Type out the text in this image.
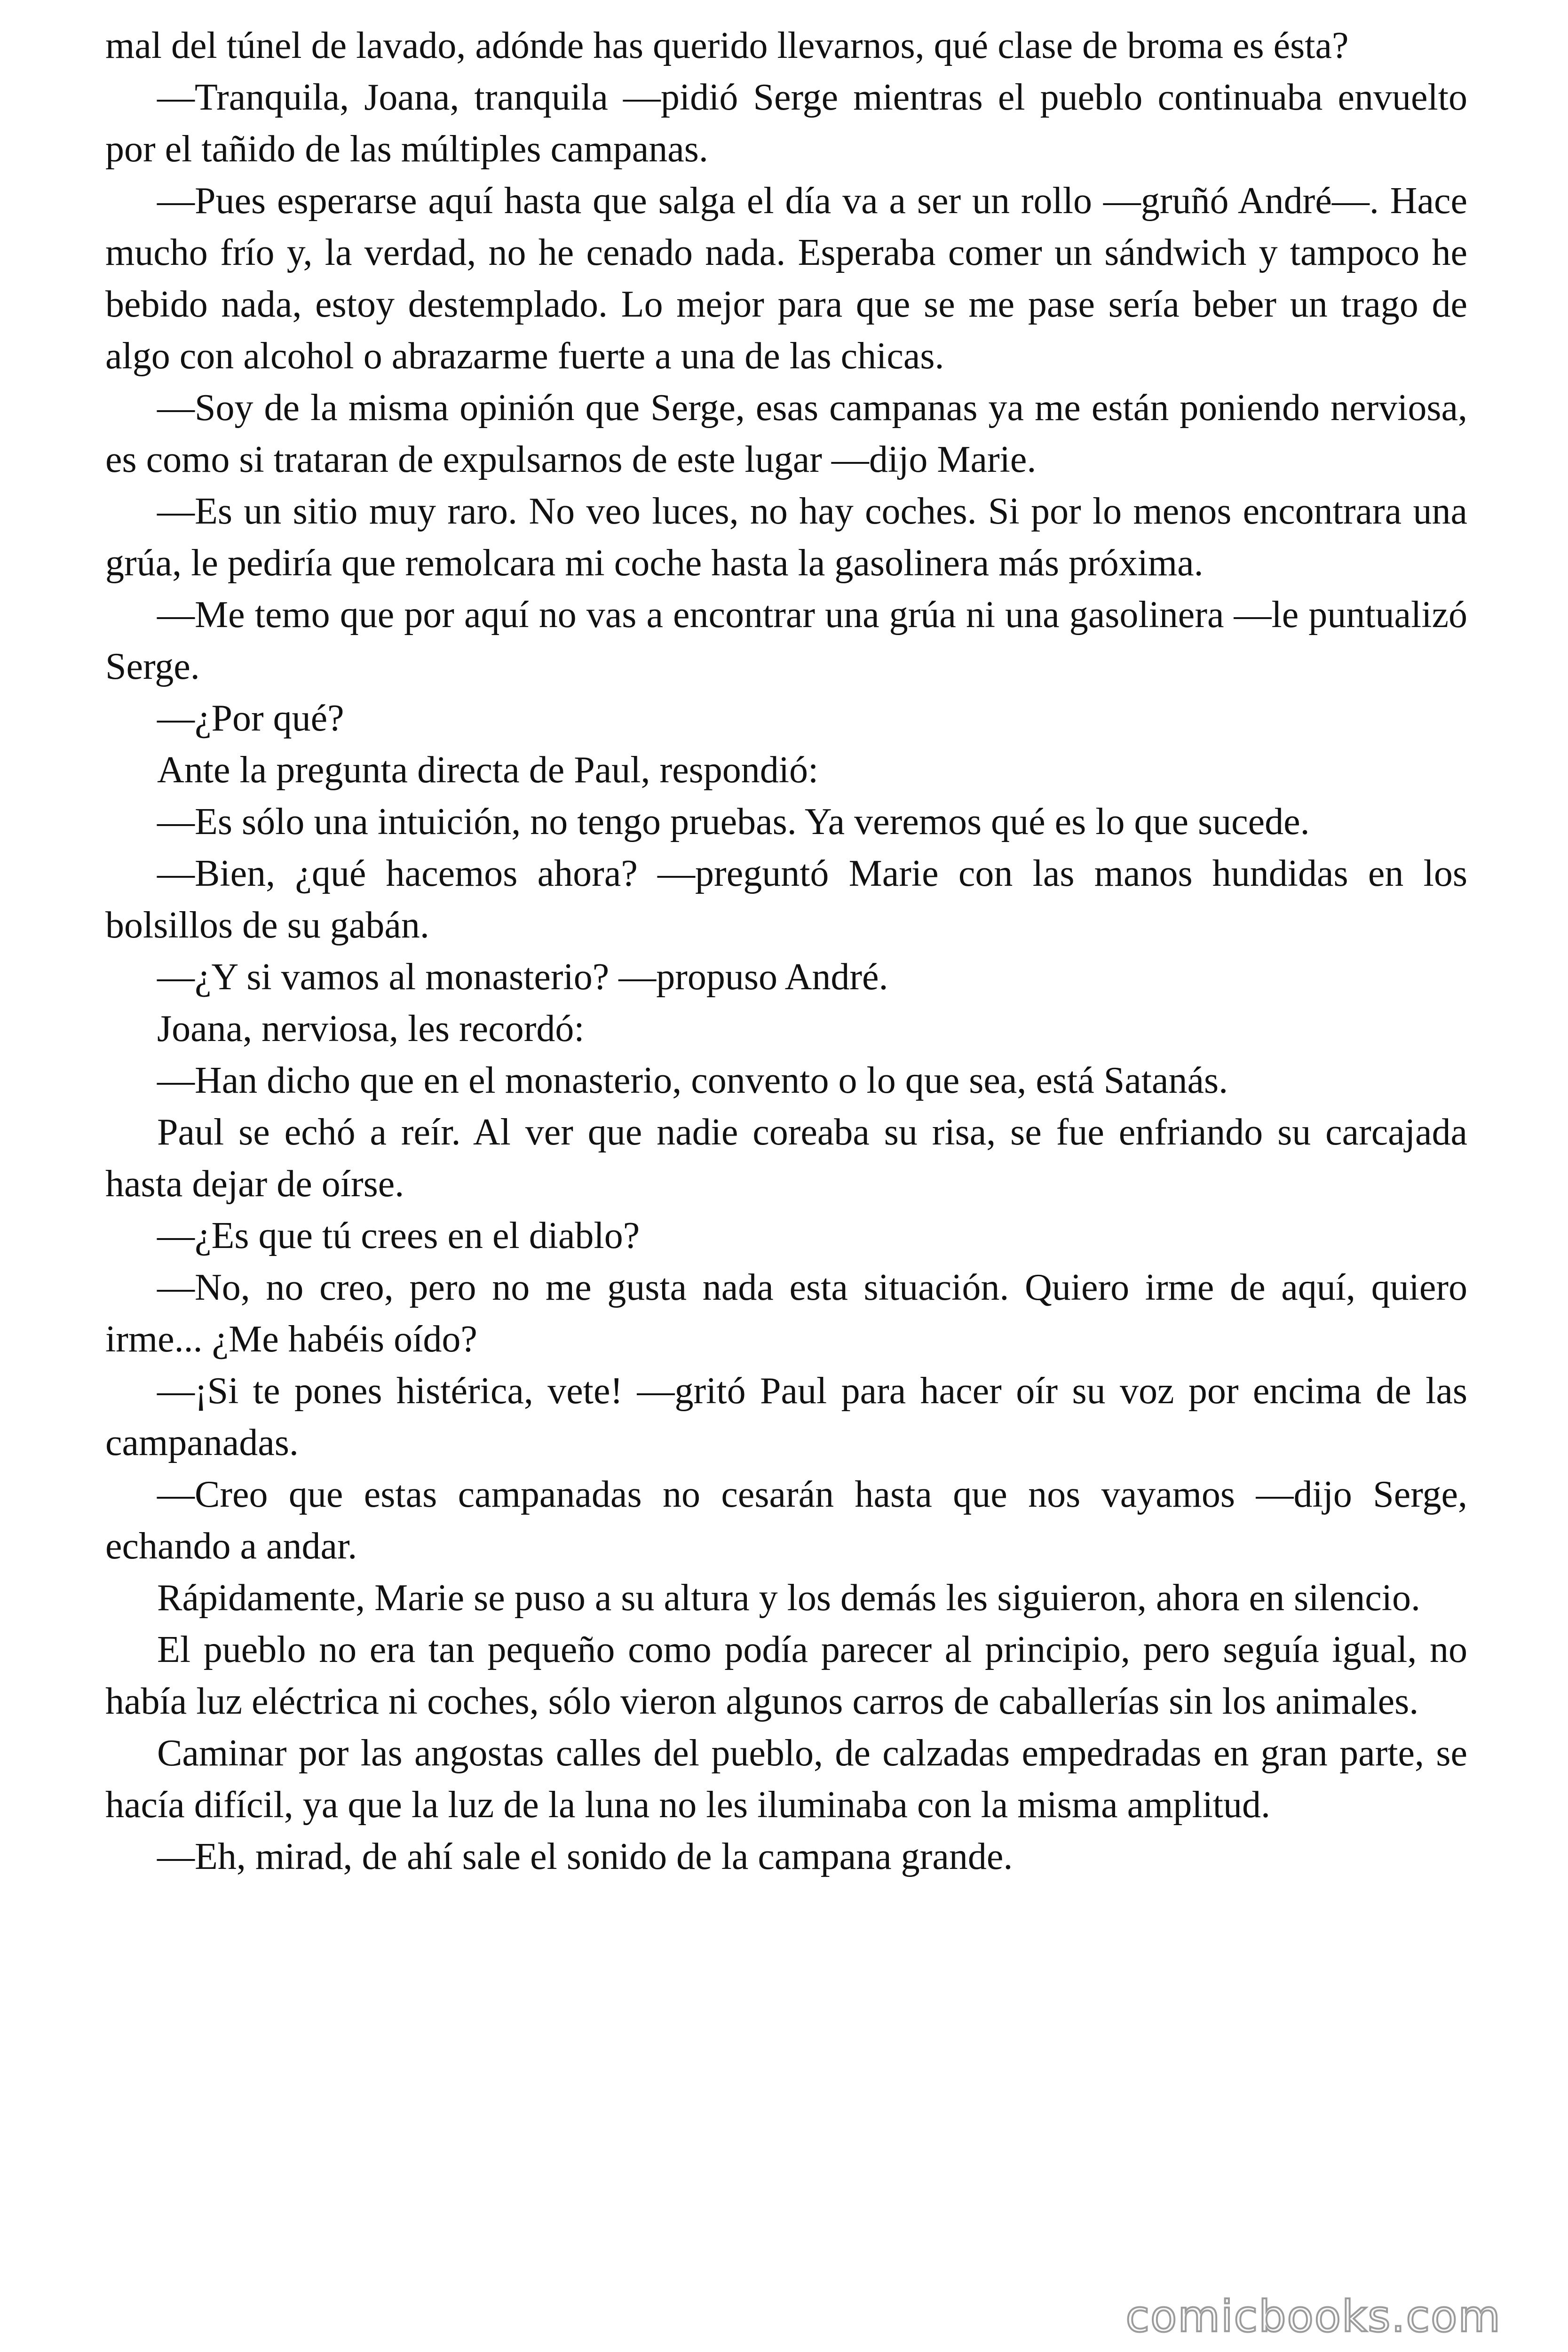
mal del túnel de lavado, adónde has querido llevarnos, qué clase de broma es ésta?

—Tranquila, Joana, tranquila —pidió Serge mientras el pueblo continuaba envuelto por el tañido de las múltiples campanas.

—Pues esperarse aquí hasta que salga el día va a ser un rollo —gruñó André—. Hace mucho frío y, la verdad, no he cenado nada. Esperaba comer un sándwich y tampoco he bebido nada, estoy destemplado. Lo mejor para que se me pase sería beber un trago de algo con alcohol o abrazarme fuerte a una de las chicas.

—Soy de la misma opinión que Serge, esas campanas ya me están poniendo nerviosa, es como si trataran de expulsarnos de este lugar —dijo Marie.

—Es un sitio muy raro. No veo luces, no hay coches. Si por lo menos encontrara una grúa, le pediría que remolcara mi coche hasta la gasolinera más próxima.

—Me temo que por aquí no vas a encontrar una grúa ni una gasolinera —le puntualizó Serge.

—¿Por qué?

Ante la pregunta directa de Paul, respondió:

—Es sólo una intuición, no tengo pruebas. Ya veremos qué es lo que sucede.

—Bien, ¿qué hacemos ahora? —preguntó Marie con las manos hundidas en los bolsillos de su gabán.

—¿Y si vamos al monasterio? —propuso André.

Joana, nerviosa, les recordó:

—Han dicho que en el monasterio, convento o lo que sea, está Satanás.

Paul se echó a reír. Al ver que nadie coreaba su risa, se fue enfriando su carcajada hasta dejar de oírse.

—¿Es que tú crees en el diablo?

—No, no creo, pero no me gusta nada esta situación. Quiero irme de aquí, quiero irme... ¿Me habéis oído?

—¡Si te pones histérica, vete! —gritó Paul para hacer oír su voz por encima de las campanadas.

—Creo que estas campanadas no cesarán hasta que nos vayamos —dijo Serge, echando a andar.

Rápidamente, Marie se puso a su altura y los demás les siguieron, ahora en silencio.

El pueblo no era tan pequeño como podía parecer al principio, pero seguía igual, no había luz eléctrica ni coches, sólo vieron algunos carros de caballerías sin los animales.

Caminar por las angostas calles del pueblo, de calzadas empedradas en gran parte, se hacía difícil, ya que la luz de la luna no les iluminaba con la misma amplitud.

—Eh, mirad, de ahí sale el sonido de la campana grande.

comicbooks.com
